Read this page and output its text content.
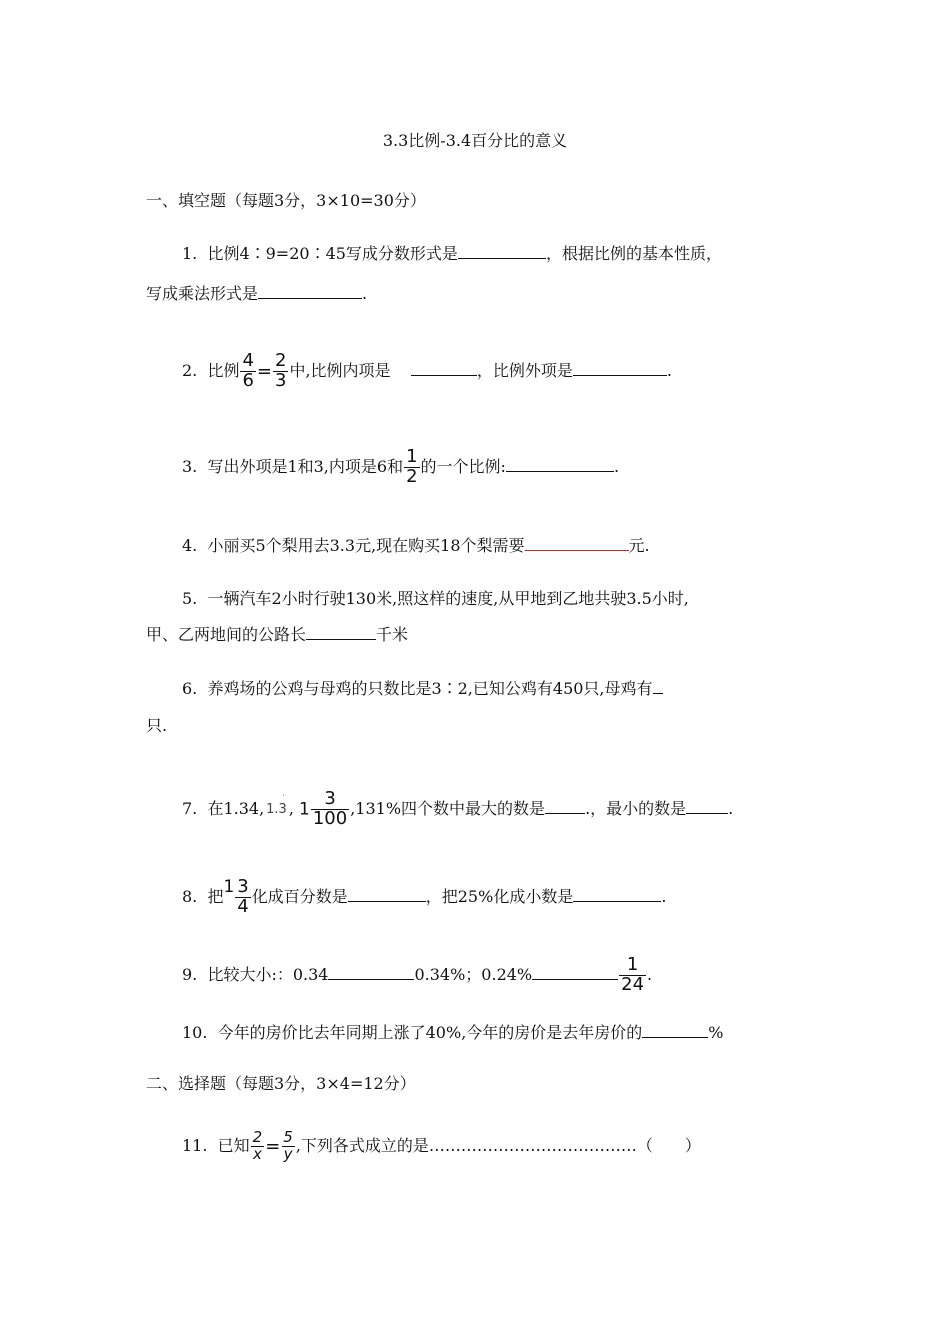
3.3比例-3.4百分比的意义
一、填空题（每题3分，3×10=30分）
1. 比例4∶9=20∶45写成分数形式是	，根据比例的基本性质，
写成乘法形式是	.
2. 比例 $\frac{4}{6} = \frac{2}{3}$ 中,比例内项是	，比例外项是	.
3. 写出外项是1和3,内项是6和 $\frac{1}{2}$ 的一个比例:	.
4. 小丽买5个梨用去3.3元,现在购买18个梨需要	元.
5. 一辆汽车2小时行驶130米,照这样的速度,从甲地到乙地共驶3.5小时,
甲、乙两地间的公路长	千米
6. 养鸡场的公鸡与母鸡的只数比是3∶2,已知公鸡有450只,母鸡有
只.
7. 在1.34, 1.3
˙ , $1 \frac{3}{100} ,131\%$四个数中最大的数是	.，最小的数是	.
8. 把$1 \frac{3}{4}$ 化成百分数是	，把25%化成小数是	.
9. 比较大小:：0.34	0.34%；0.24%	$\frac{1}{24}$ .
10. 今年的房价比去年同期上涨了40%,今年的房价是去年房价的	%
二、选择题（每题3分，3×4=12分）
11. 已知 $\frac{2}{x} = \frac{5}{y}$ ,下列各式成立的是…………………………………（　　）
